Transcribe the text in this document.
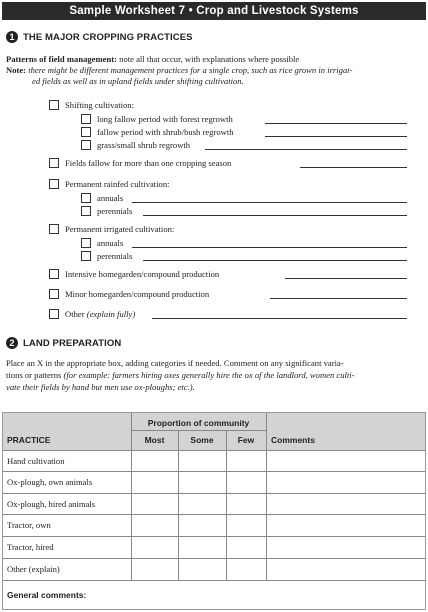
Sample Worksheet 7 • Crop and Livestock Systems
1 THE MAJOR CROPPING PRACTICES
Patterns of field management: note all that occur, with explanations where possible
Note: there might be different management practices for a single crop, such as rice grown in irrigat-
ed fields as well as in upland fields under shifting cultivation.
Shifting cultivation:
long fallow period with forest regrowth
fallow period with shrub/bush regrowth
grass/small shrub regrowth
Fields fallow for more than one cropping season
Permanent rainfed cultivation:
annuals
perennials
Permanent irrigated cultivation:
annuals
perennials
Intensive homegarden/compound production
Minor homegarden/compound production
Other (explain fully)
2 LAND PREPARATION
Place an X in the appropriate box, adding categories if needed. Comment on any significant varia-
tions or patterns (for example: farmers hiring oxes generally hire the ox of the landlord, women culti-
vate their fields by hand but men use ox-ploughs; etc.).
PRACTICE
Proportion of community
Most	Some	Few	Comments
Hand cultivation
Ox-plough, own animals
Ox-plough, hired animals
Tractor, own
Tractor, hired
Other (explain)
General comments:
